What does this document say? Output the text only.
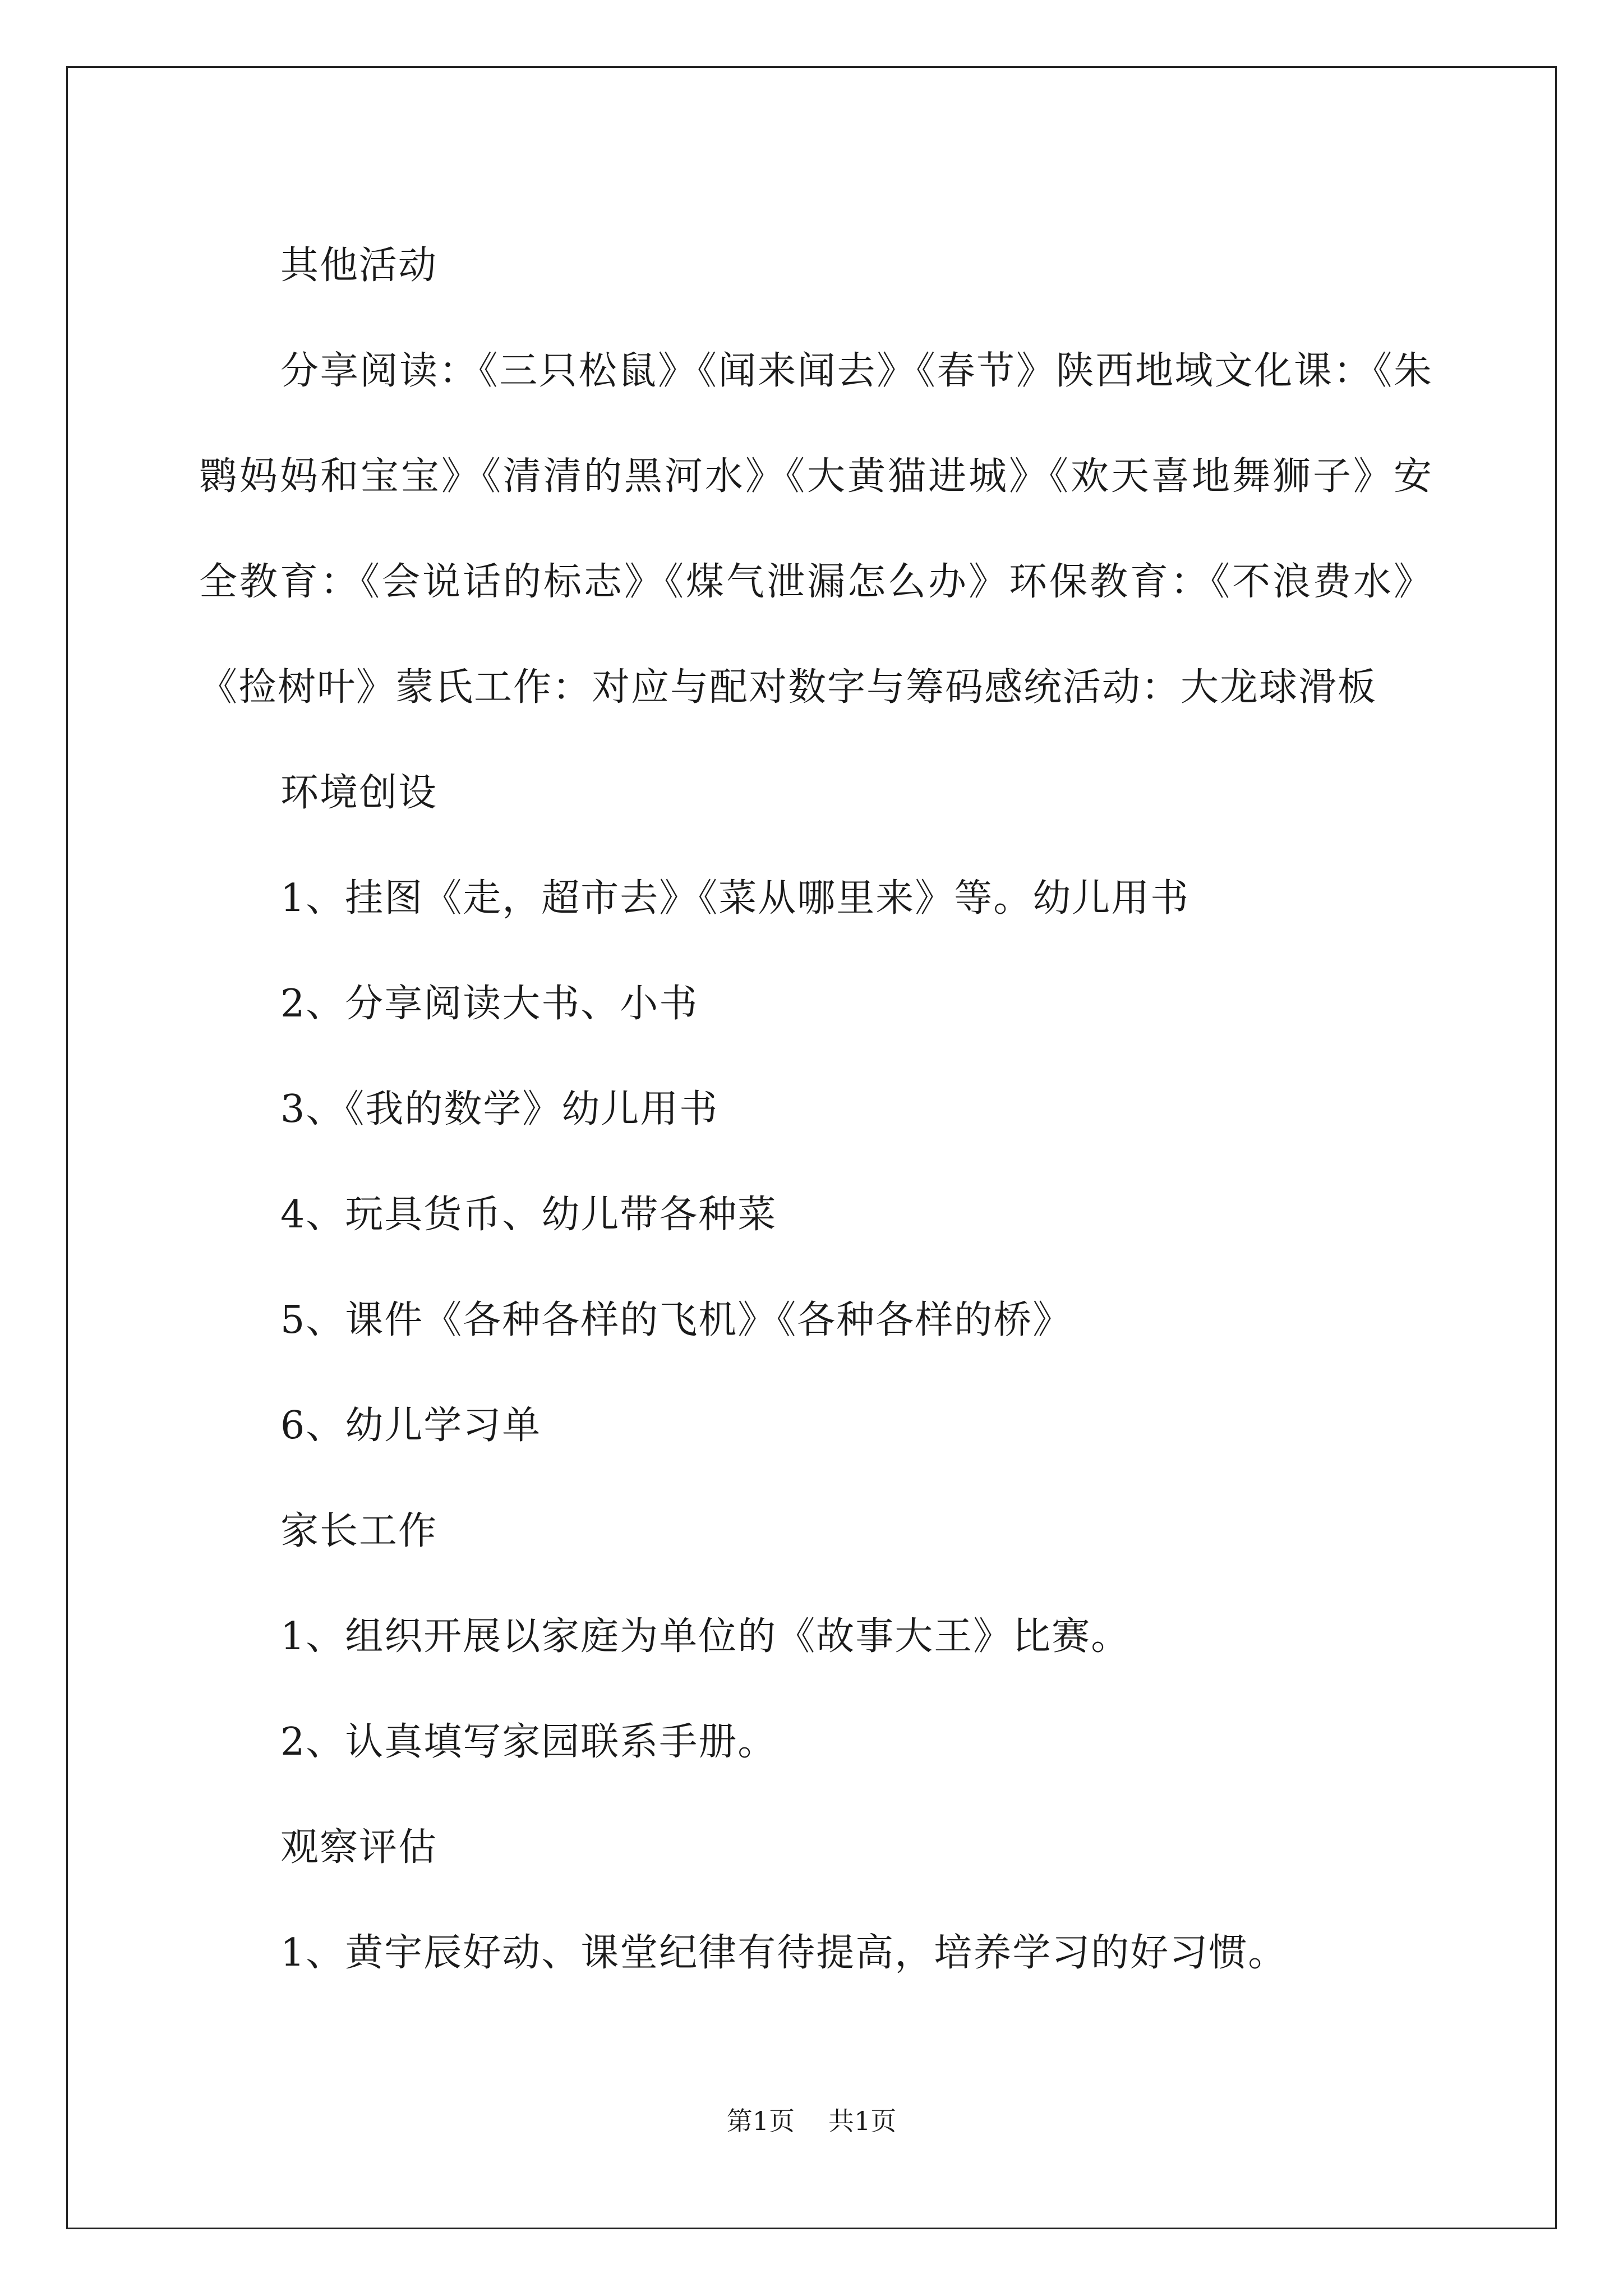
其他活动
分享阅读：《三只松鼠》《闻来闻去》《春节》陕西地域文化课：《朱
鹮妈妈和宝宝》《清清的黑河水》《大黄猫进城》《欢天喜地舞狮子》安
全教育：《会说话的标志》《煤气泄漏怎么办》环保教育：《不浪费水》
《捡树叶》蒙氏工作：对应与配对数字与筹码感统活动：大龙球滑板
环境创设
1、挂图《走，超市去》《菜从哪里来》等。幼儿用书
2、分享阅读大书、小书
3、《我的数学》幼儿用书
4、玩具货币、幼儿带各种菜
5、课件《各种各样的飞机》《各种各样的桥》
6、幼儿学习单
家长工作
1、组织开展以家庭为单位的《故事大王》比赛。
2、认真填写家园联系手册。
观察评估
1、黄宇辰好动、课堂纪律有待提高，培养学习的好习惯。
第1页 共1页
